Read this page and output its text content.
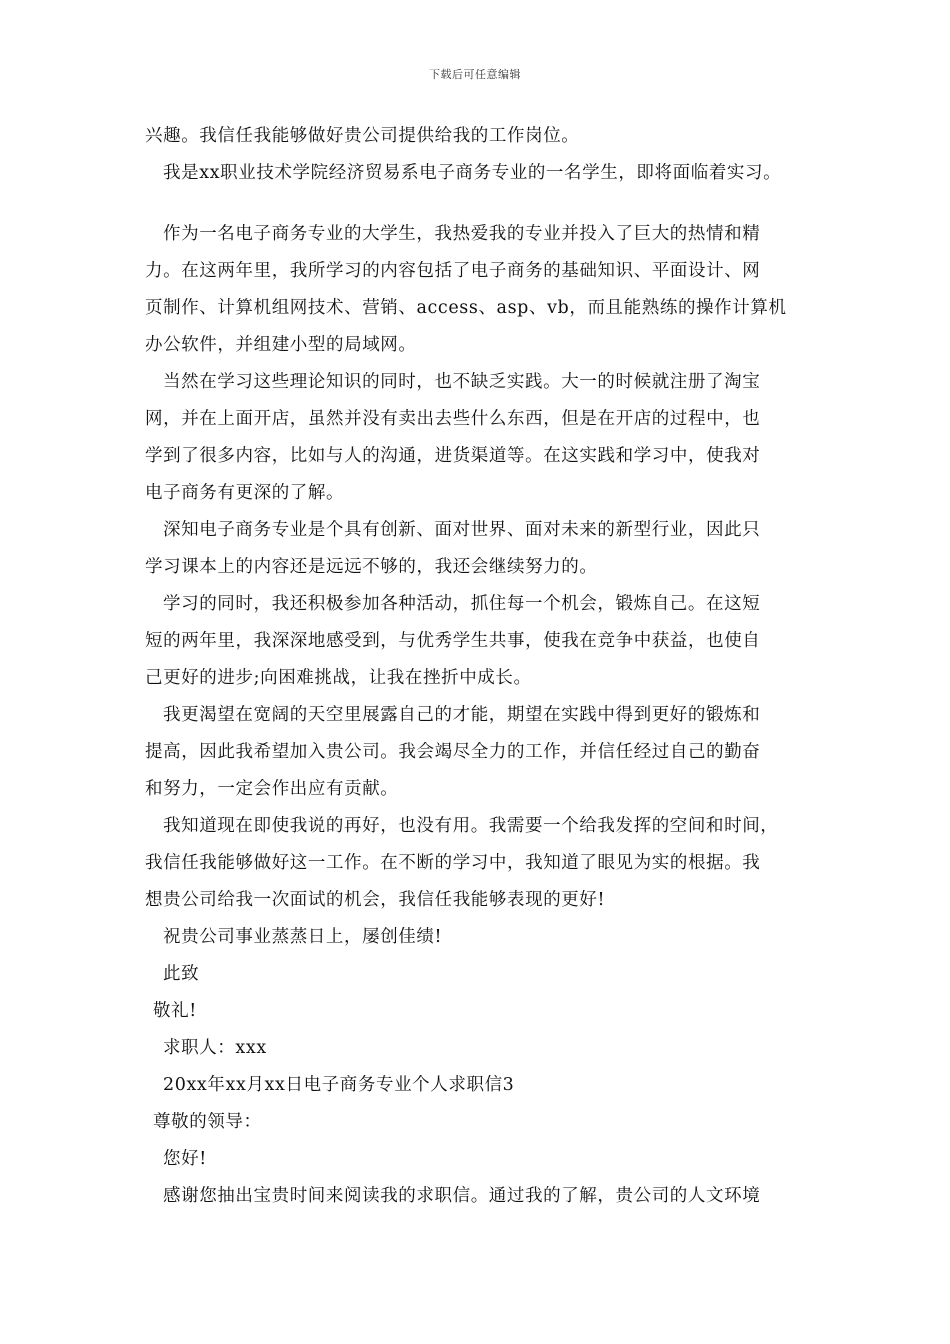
下载后可任意编辑
兴趣。我信任我能够做好贵公司提供给我的工作岗位。
我是xx职业技术学院经济贸易系电子商务专业的一名学生，即将面临着实习。
作为一名电子商务专业的大学生，我热爱我的专业并投入了巨大的热情和精
力。在这两年里，我所学习的内容包括了电子商务的基础知识、平面设计、网
页制作、计算机组网技术、营销、access、asp、vb，而且能熟练的操作计算机
办公软件，并组建小型的局域网。
当然在学习这些理论知识的同时，也不缺乏实践。大一的时候就注册了淘宝
网，并在上面开店，虽然并没有卖出去些什么东西，但是在开店的过程中，也
学到了很多内容，比如与人的沟通，进货渠道等。在这实践和学习中，使我对
电子商务有更深的了解。
深知电子商务专业是个具有创新、面对世界、面对未来的新型行业，因此只
学习课本上的内容还是远远不够的，我还会继续努力的。
学习的同时，我还积极参加各种活动，抓住每一个机会，锻炼自己。在这短
短的两年里，我深深地感受到，与优秀学生共事，使我在竞争中获益，也使自
己更好的进步;向困难挑战，让我在挫折中成长。
我更渴望在宽阔的天空里展露自己的才能，期望在实践中得到更好的锻炼和
提高，因此我希望加入贵公司。我会竭尽全力的工作，并信任经过自己的勤奋
和努力，一定会作出应有贡献。
我知道现在即使我说的再好，也没有用。我需要一个给我发挥的空间和时间，
我信任我能够做好这一工作。在不断的学习中，我知道了眼见为实的根据。我
想贵公司给我一次面试的机会，我信任我能够表现的更好!
祝贵公司事业蒸蒸日上，屡创佳绩!
此致
敬礼!
求职人：xxx
20xx年xx月xx日电子商务专业个人求职信3
尊敬的领导：
您好!
感谢您抽出宝贵时间来阅读我的求职信。通过我的了解，贵公司的人文环境
